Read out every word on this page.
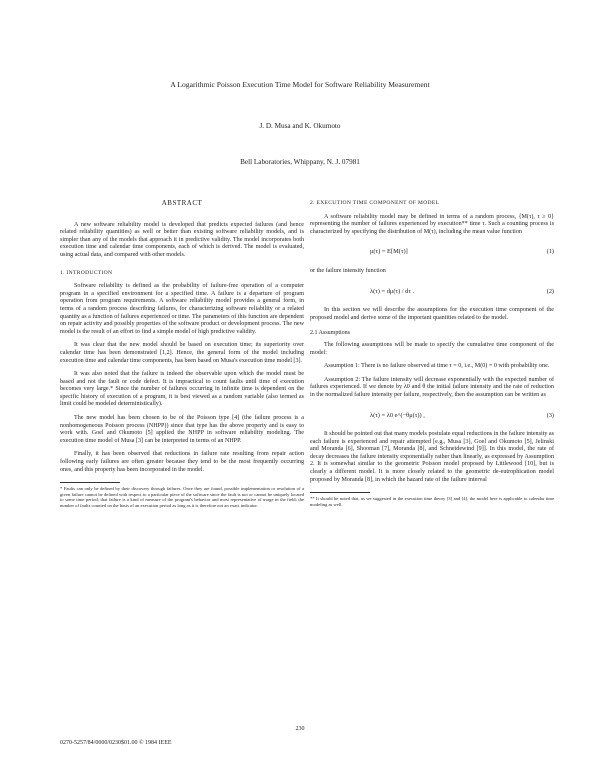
A Logarithmic Poisson Execution Time Model for Software Reliability Measurement
J. D. Musa and K. Okumoto
Bell Laboratories, Whippany, N. J. 07981
ABSTRACT

A new software reliability model is developed that predicts expected failures (and hence related reliability quantities) as well or better than existing software reliability models, and is simpler than any of the models that approach it in predictive validity. The model incorporates both execution time and calendar time components, each of which is derived. The model is evaluated, using actual data, and compared with other models.

1. INTRODUCTION

Software reliability is defined as the probability of failure-free operation of a computer program in a specified environment for a specified time. A failure is a departure of program operation from program requirements. A software reliability model provides a general form, in terms of a random process describing failures, for characterizing software reliability or a related quantity as a function of failures experienced or time. The parameters of this function are dependent on repair activity and possibly properties of the software product or development process. The new model is the result of an effort to find a simple model of high predictive validity.

It was clear that the new model should be based on execution time; its superiority over calendar time has been demonstrated [1,2]. Hence, the general form of the model including execution time and calendar time components, has been based on Musa's execution time model [3].

It was also noted that the failure is indeed the observable upon which the model must be based and not the fault or code defect. It is impractical to count faults until time of execution becomes very large.* Since the number of failures occurring in infinite time is dependent on the specific history of execution of a program, it is best viewed as a random variable (also termed as limit could be modeled deterministically).

The new model has been chosen to be of the Poisson type [4] (the failure process is a nonhomogeneous Poisson process (NHPP)) since that type has the above property and is easy to work with. Goel and Okumoto [5] applied the NHPP in software reliability modeling. The execution time model of Musa [3] can be interpreted in terms of an NHPP.

Finally, it has been observed that reductions in failure rate resulting from repair action following early failures are often greater because they tend to be the most frequently occurring ones, and this property has been incorporated in the model.

* Faults can only be defined by their discovery through failures. Once they are found, possible implementation or resolution of a given failure cannot be defined with respect to a particular piece of the software since the fault is not or cannot be uniquely located to some time period; that failure is a kind of measure of the program's behavior and most representative of usage in the field; the number of faults counted on the basis of an execution period as long as it is therefore not an exact indicator.

2. EXECUTION TIME COMPONENT OF MODEL

A software reliability model may be defined in terms of a random process, {M(τ), τ ≥ 0} representing the number of failures experienced by execution** time τ. Such a counting process is characterized by specifying the distribution of M(τ), including the mean value function

μ(τ) = E[M(τ)]	(1)

or the failure intensity function

λ(τ) = dμ(τ) / dτ .	(2)

In this section we will describe the assumptions for the execution time component of the proposed model and derive some of the important quantities related to the model.

2.1 Assumptions

The following assumptions will be made to specify the cumulative time component of the model:

Assumption 1: There is no failure observed at time τ = 0, i.e., M(0) = 0 with probability one.

Assumption 2: The failure intensity will decrease exponentially with the expected number of failures experienced. If we denote by λ0 and θ the initial failure intensity and the rate of reduction in the normalized failure intensity per failure, respectively, then the assumption can be written as

λ(τ) = λ0 e^(−θμ(τ)) ,	(3)

It should be pointed out that many models postulate equal reductions in the failure intensity as each failure is experienced and repair attempted [e.g., Musa [3], Goel and Okumoto [5], Jelinski and Moranda [6], Shooman [7], Moranda [8], and Schneidewind [9]]. In this model, the rate of decay decreases the failure intensity exponentially rather than linearly, as expressed by Assumption 2. It is somewhat similar to the geometric Poisson model proposed by Littlewood [10], but is clearly a different model. It is more closely related to the geometric de-eutrophication model proposed by Moranda [8], in which the hazard rate of the failure interval

** It should be noted that, as we suggested in the execution time theory [3] and [4], the model here is applicable to calendar time modeling as well.

230
0270-5257/84/0000/0230$01.00 © 1984 IEEE
